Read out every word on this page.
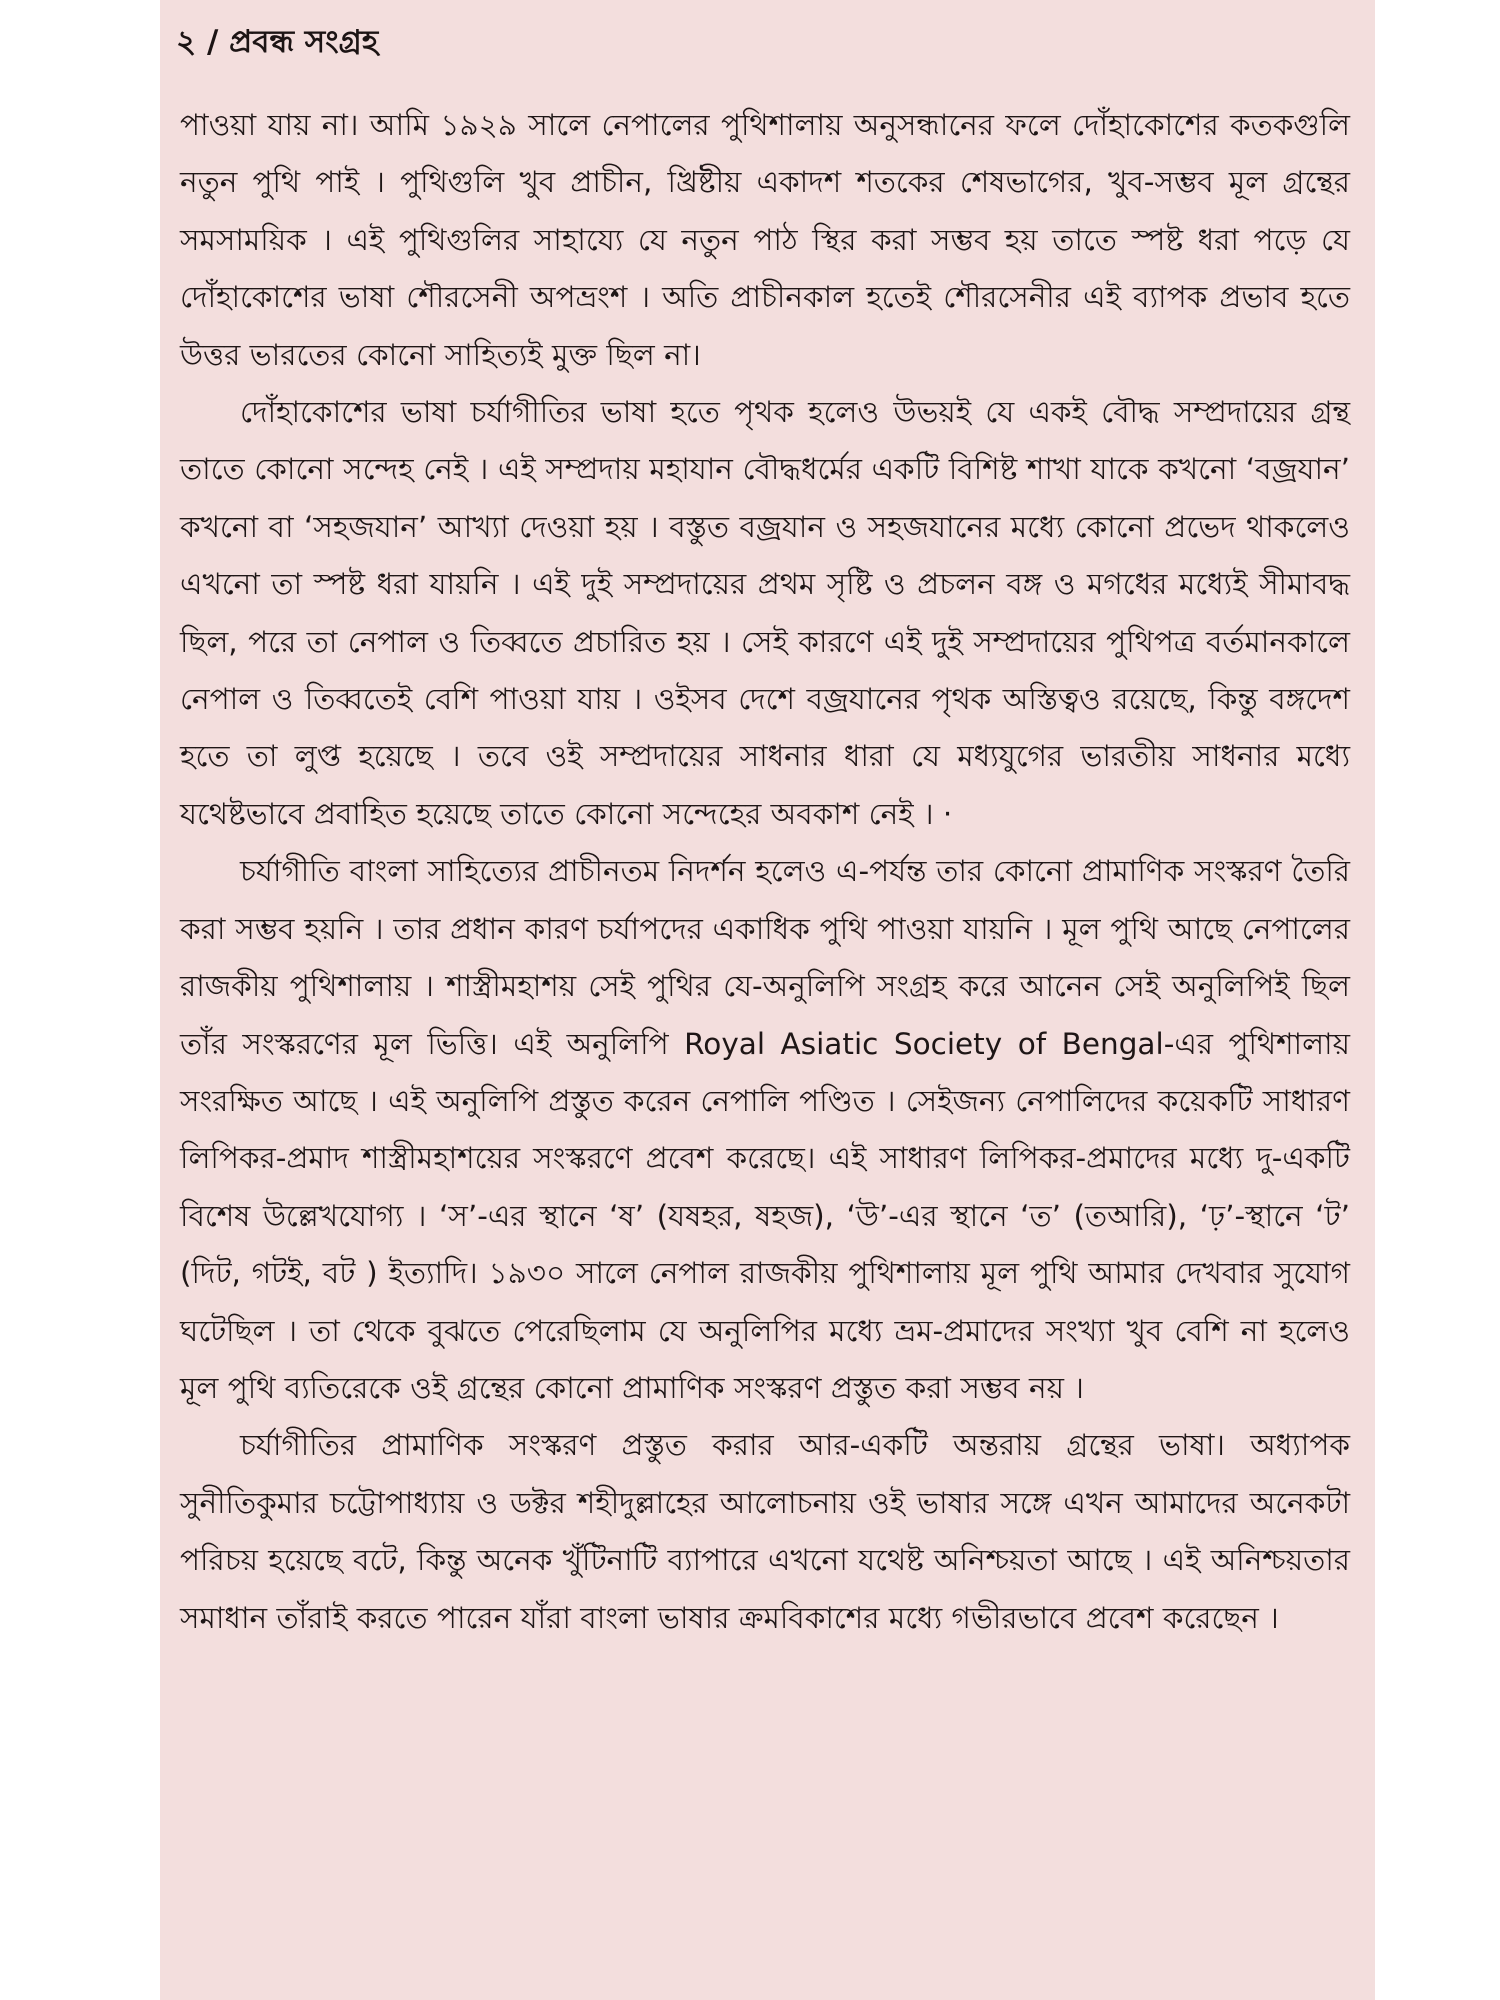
২ / প্রবন্ধ সংগ্রহ

পাওয়া যায় না। আমি ১৯২৯ সালে নেপালের পুথিশালায় অনুসন্ধানের ফলে দোঁহাকোশের কতকগুলি নতুন পুথি পাই । পুথিগুলি খুব প্রাচীন, খ্রিষ্টীয় একাদশ শতকের শেষভাগের, খুব-সম্ভব মূল গ্রন্থের সমসাময়িক । এই পুথিগুলির সাহায্যে যে নতুন পাঠ স্থির করা সম্ভব হয় তাতে স্পষ্ট ধরা পড়ে যে দোঁহাকোশের ভাষা শৌরসেনী অপভ্রংশ । অতি প্রাচীনকাল হতেই শৌরসেনীর এই ব্যাপক প্রভাব হতে উত্তর ভারতের কোনো সাহিত্যই মুক্ত ছিল না।

দোঁহাকোশের ভাষা চর্যাগীতির ভাষা হতে পৃথক হলেও উভয়ই যে একই বৌদ্ধ সম্প্রদায়ের গ্রন্থ তাতে কোনো সন্দেহ নেই । এই সম্প্রদায় মহাযান বৌদ্ধধর্মের একটি বিশিষ্ট শাখা যাকে কখনো ‘বজ্রযান’ কখনো বা ‘সহজযান’ আখ্যা দেওয়া হয় । বস্তুত বজ্রযান ও সহজযানের মধ্যে কোনো প্রভেদ থাকলেও এখনো তা স্পষ্ট ধরা যায়নি । এই দুই সম্প্রদায়ের প্রথম সৃষ্টি ও প্রচলন বঙ্গ ও মগধের মধ্যেই সীমাবদ্ধ ছিল, পরে তা নেপাল ও তিব্বতে প্রচারিত হয় । সেই কারণে এই দুই সম্প্রদায়ের পুথিপত্র বর্তমানকালে নেপাল ও তিব্বতেই বেশি পাওয়া যায় । ওইসব দেশে বজ্রযানের পৃথক অস্তিত্বও রয়েছে, কিন্তু বঙ্গদেশ হতে তা লুপ্ত হয়েছে । তবে ওই সম্প্রদায়ের সাধনার ধারা যে মধ্যযুগের ভারতীয় সাধনার মধ্যে যথেষ্টভাবে প্রবাহিত হয়েছে তাতে কোনো সন্দেহের অবকাশ নেই । ·

চর্যাগীতি বাংলা সাহিত্যের প্রাচীনতম নিদর্শন হলেও এ-পর্যন্ত তার কোনো প্রামাণিক সংস্করণ তৈরি করা সম্ভব হয়নি । তার প্রধান কারণ চর্যাপদের একাধিক পুথি পাওয়া যায়নি । মূল পুথি আছে নেপালের রাজকীয় পুথিশালায় । শাস্ত্রীমহাশয় সেই পুথির যে-অনুলিপি সংগ্রহ করে আনেন সেই অনুলিপিই ছিল তাঁর সংস্করণের মূল ভিত্তি। এই অনুলিপি Royal Asiatic Society of Bengal-এর পুথিশালায় সংরক্ষিত আছে । এই অনুলিপি প্রস্তুত করেন নেপালি পণ্ডিত । সেইজন্য নেপালিদের কয়েকটি সাধারণ লিপিকর-প্রমাদ শাস্ত্রীমহাশয়ের সংস্করণে প্রবেশ করেছে। এই সাধারণ লিপিকর-প্রমাদের মধ্যে দু-একটি বিশেষ উল্লেখযোগ্য । ‘স’-এর স্থানে ‘ষ’ (যষহর, ষহজ), ‘উ’-এর স্থানে ‘ত’ (তআরি), ‘ঢ়’-স্থানে ‘ট’ (দিট, গটই, বট ) ইত্যাদি। ১৯৩০ সালে নেপাল রাজকীয় পুথিশালায় মূল পুথি আমার দেখবার সুযোগ ঘটেছিল । তা থেকে বুঝতে পেরেছিলাম যে অনুলিপির মধ্যে ভ্রম-প্রমাদের সংখ্যা খুব বেশি না হলেও মূল পুথি ব্যতিরেকে ওই গ্রন্থের কোনো প্রামাণিক সংস্করণ প্রস্তুত করা সম্ভব নয় ।

চর্যাগীতির প্রামাণিক সংস্করণ প্রস্তুত করার আর-একটি অন্তরায় গ্রন্থের ভাষা। অধ্যাপক সুনীতিকুমার চট্টোপাধ্যায় ও ডক্টর শহীদুল্লাহের আলোচনায় ওই ভাষার সঙ্গে এখন আমাদের অনেকটা পরিচয় হয়েছে বটে, কিন্তু অনেক খুঁটিনাটি ব্যাপারে এখনো যথেষ্ট অনিশ্চয়তা আছে । এই অনিশ্চয়তার সমাধান তাঁরাই করতে পারেন যাঁরা বাংলা ভাষার ক্রমবিকাশের মধ্যে গভীরভাবে প্রবেশ করেছেন ।
